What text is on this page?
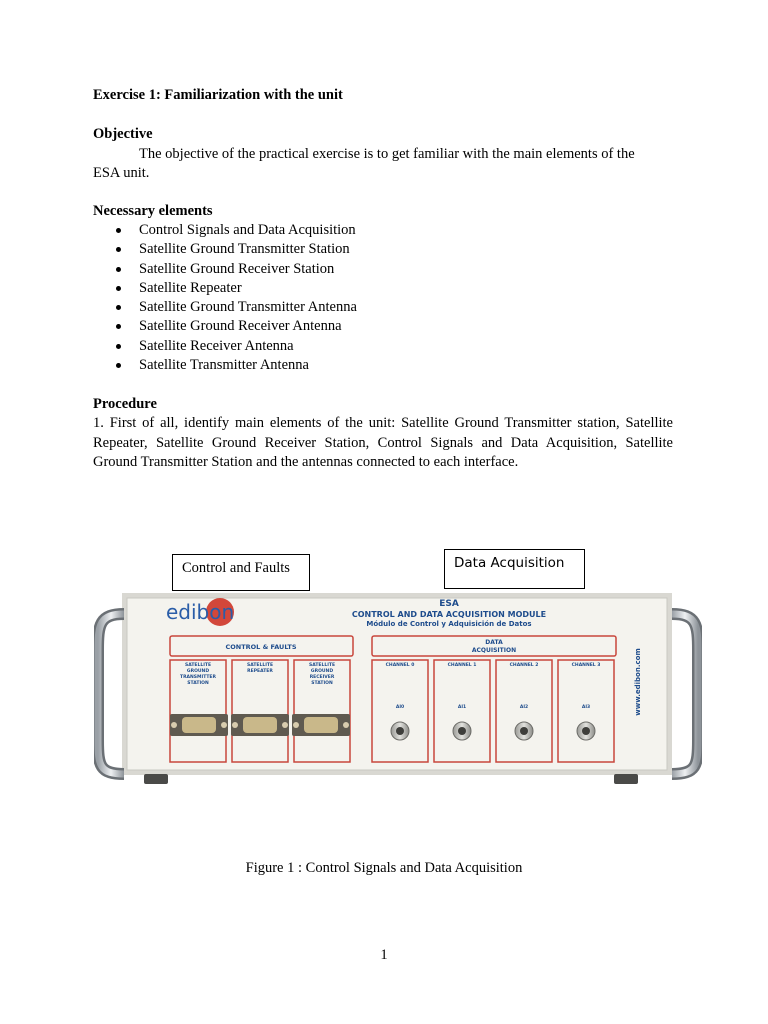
Exercise 1: Familiarization with the unit
Objective
The objective of the practical exercise is to get familiar with the main elements of the
ESA unit.
Necessary elements
Control Signals and Data Acquisition
Satellite Ground Transmitter Station
Satellite Ground Receiver Station
Satellite Repeater
Satellite Ground Transmitter Antenna
Satellite Ground Receiver Antenna
Satellite Receiver Antenna
Satellite Transmitter Antenna
Procedure
1. First of all, identify main elements of the unit: Satellite Ground Transmitter station, Satellite Repeater, Satellite Ground Receiver Station, Control Signals and Data Acquisition, Satellite Ground Transmitter Station and the antennas connected to each interface.
Control and Faults	Data Acquisition
edibon	ESA
CONTROL AND DATA ACQUISITION MODULE
Módulo de Control y Adquisición de Datos
CONTROL & FAULTS
SATELLITE
GROUND
TRANSMITTER
STATION
SATELLITE
REPEATER
SATELLITE
GROUND
RECEIVER
STATION
DATA
ACQUISITION
CHANNEL 0
AI0
CHANNEL 1
AI1
CHANNEL 2
AI2
CHANNEL 3
AI3	www.edibon.com
Figure 1 : Control Signals and Data Acquisition
1
